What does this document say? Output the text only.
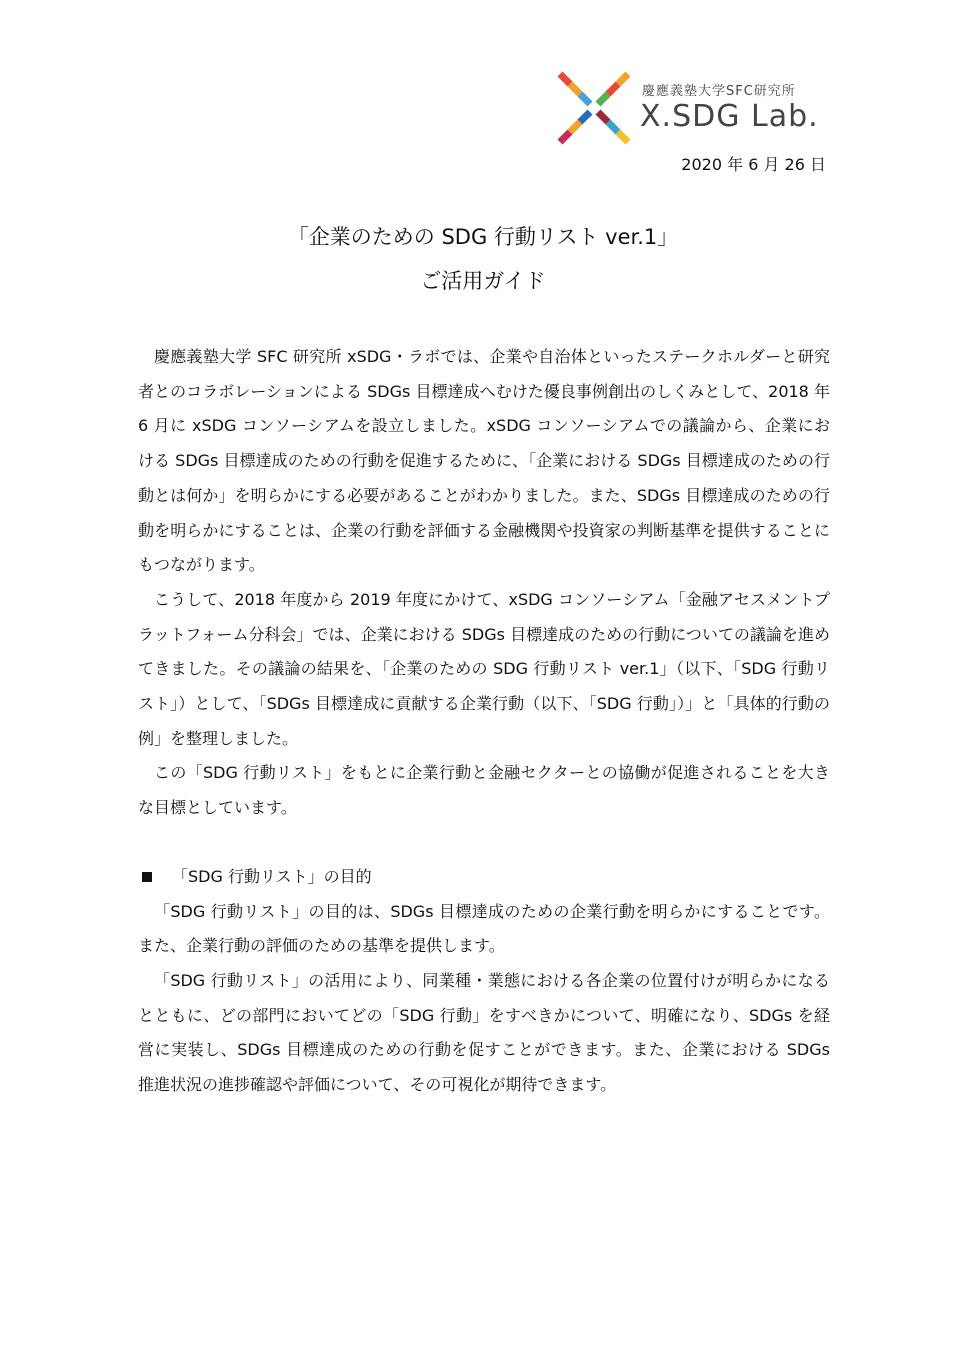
慶應義塾大学SFC研究所
X.SDG Lab.
2020 年 6 月 26 日
「企業のための SDG 行動リスト ver.1」
ご活用ガイド

慶應義塾大学 SFC 研究所 xSDG・ラボでは、企業や自治体といったステークホルダーと研究者とのコラボレーションによる SDGs 目標達成へむけた優良事例創出のしくみとして、2018 年 6 月に xSDG コンソーシアムを設立しました。xSDG コンソーシアムでの議論から、企業における SDGs 目標達成のための行動を促進するために、「企業における SDGs 目標達成のための行動とは何か」を明らかにする必要があることがわかりました。また、SDGs 目標達成のための行動を明らかにすることは、企業の行動を評価する金融機関や投資家の判断基準を提供することにもつながります。

こうして、2018 年度から 2019 年度にかけて、xSDG コンソーシアム「金融アセスメントプラットフォーム分科会」では、企業における SDGs 目標達成のための行動についての議論を進めてきました。その議論の結果を、「企業のための SDG 行動リスト ver.1」（以下、「SDG 行動リスト」）として、「SDGs 目標達成に貢献する企業行動（以下、「SDG 行動」）」と「具体的行動の例」を整理しました。

この「SDG 行動リスト」をもとに企業行動と金融セクターとの協働が促進されることを大きな目標としています。

「SDG 行動リスト」の目的

「SDG 行動リスト」の目的は、SDGs 目標達成のための企業行動を明らかにすることです。また、企業行動の評価のための基準を提供します。

「SDG 行動リスト」の活用により、同業種・業態における各企業の位置付けが明らかになるとともに、どの部門においてどの「SDG 行動」をすべきかについて、明確になり、SDGs を経営に実装し、SDGs 目標達成のための行動を促すことができます。また、企業における SDGs 推進状況の進捗確認や評価について、その可視化が期待できます。
